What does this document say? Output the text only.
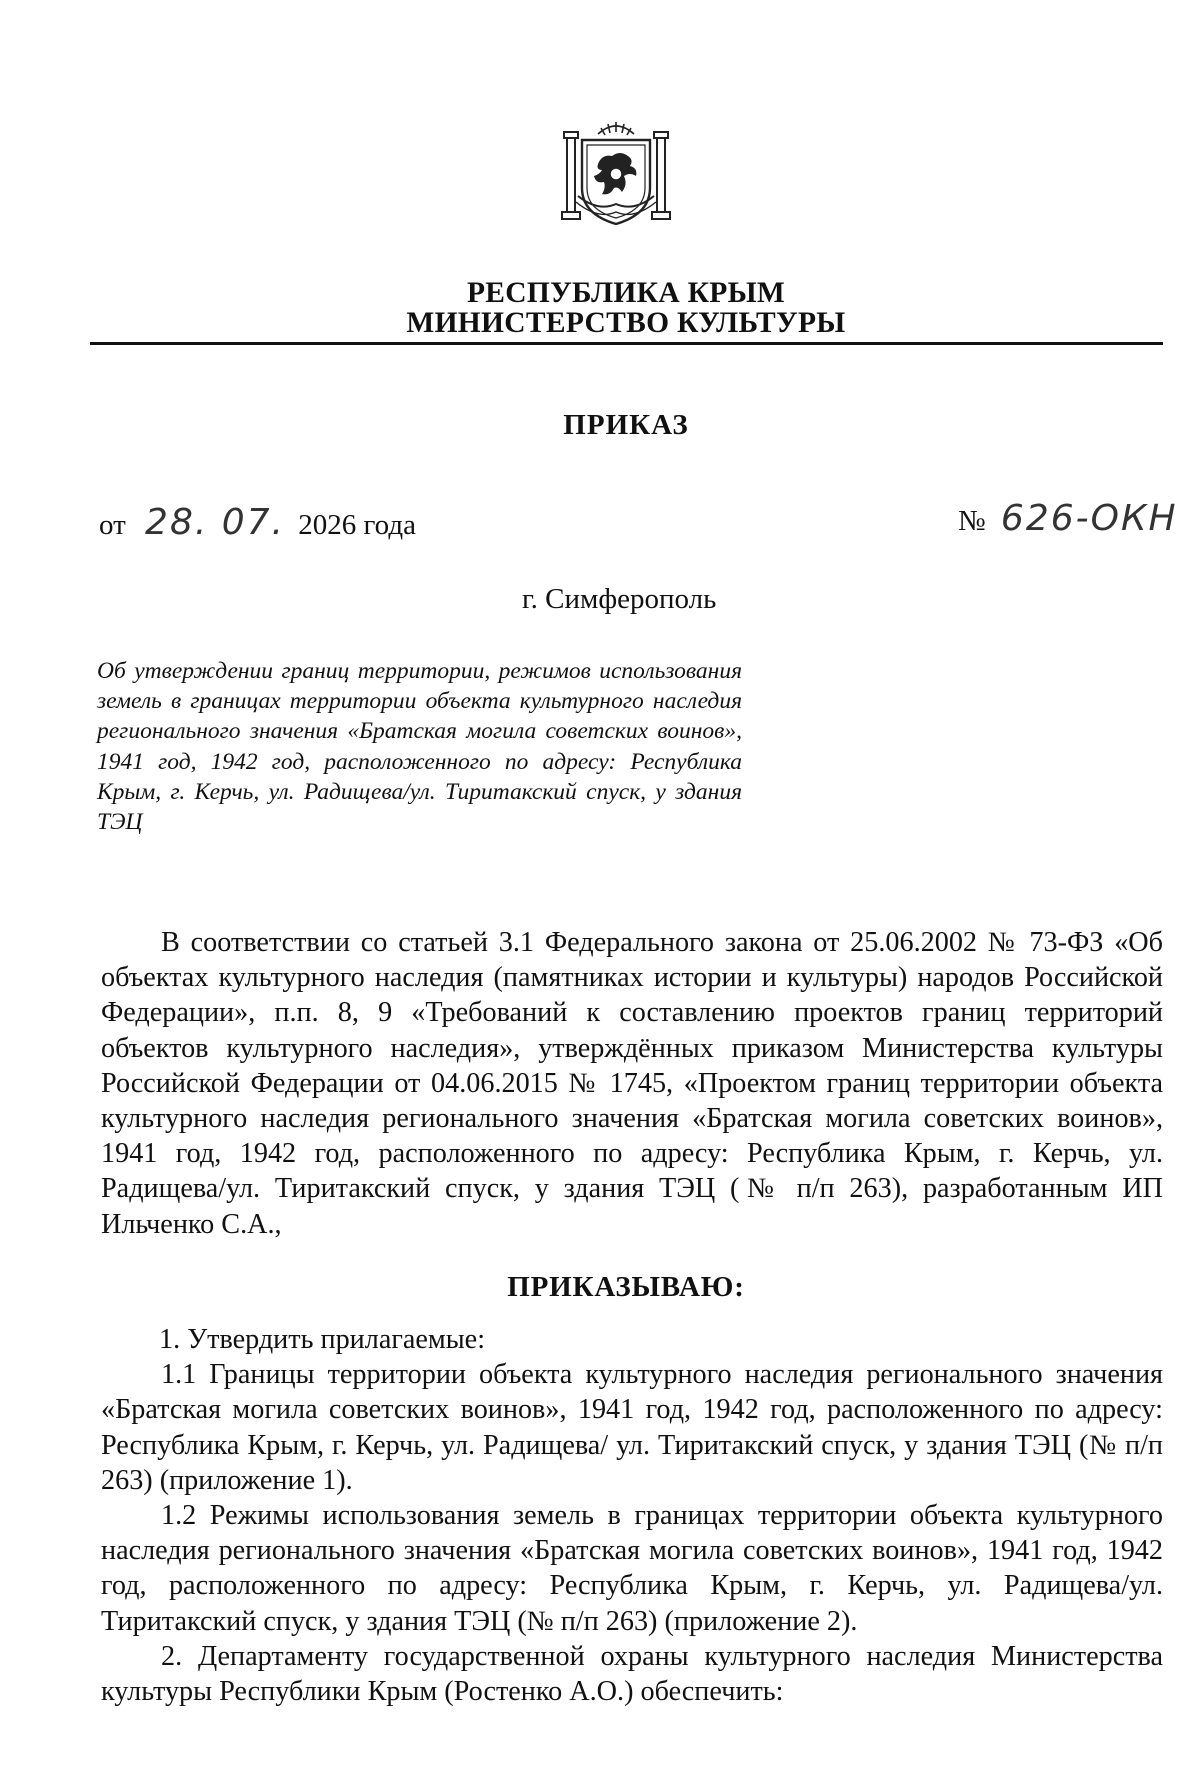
РЕСПУБЛИКА КРЫМ
МИНИСТЕРСТВО КУЛЬТУРЫ
ПРИКАЗ
от 28. 07. 2026 года	№ 626-ОКН
г. Симферополь
Об утверждении границ территории, режимов использования земель в границах территории объекта культурного наследия регионального значения «Братская могила советских воинов», 1941 год, 1942 год, расположенного по адресу: Республика Крым, г. Керчь, ул. Радищева/ул. Тиритакский спуск, у здания ТЭЦ

В соответствии со статьей 3.1 Федерального закона от 25.06.2002 № 73-ФЗ «Об объектах культурного наследия (памятниках истории и культуры) народов Российской Федерации», п.п. 8, 9 «Требований к составлению проектов границ территорий объектов культурного наследия», утверждённых приказом Министерства культуры Российской Федерации от 04.06.2015 № 1745, «Проектом границ территории объекта культурного наследия регионального значения «Братская могила советских воинов», 1941 год, 1942 год, расположенного по адресу: Республика Крым, г. Керчь, ул. Радищева/ул. Тиритакский спуск, у здания ТЭЦ (№ п/п 263), разработанным ИП Ильченко С.А.,

ПРИКАЗЫВАЮ:

1. Утвердить прилагаемые:

1.1 Границы территории объекта культурного наследия регионального значения «Братская могила советских воинов», 1941 год, 1942 год, расположенного по адресу: Республика Крым, г. Керчь, ул. Радищева/ ул. Тиритакский спуск, у здания ТЭЦ (№ п/п 263) (приложение 1).

1.2 Режимы использования земель в границах территории объекта культурного наследия регионального значения «Братская могила советских воинов», 1941 год, 1942 год, расположенного по адресу: Республика Крым, г. Керчь, ул. Радищева/ул. Тиритакский спуск, у здания ТЭЦ (№ п/п 263) (приложение 2).

2. Департаменту государственной охраны культурного наследия Министерства культуры Республики Крым (Ростенко А.О.) обеспечить:
